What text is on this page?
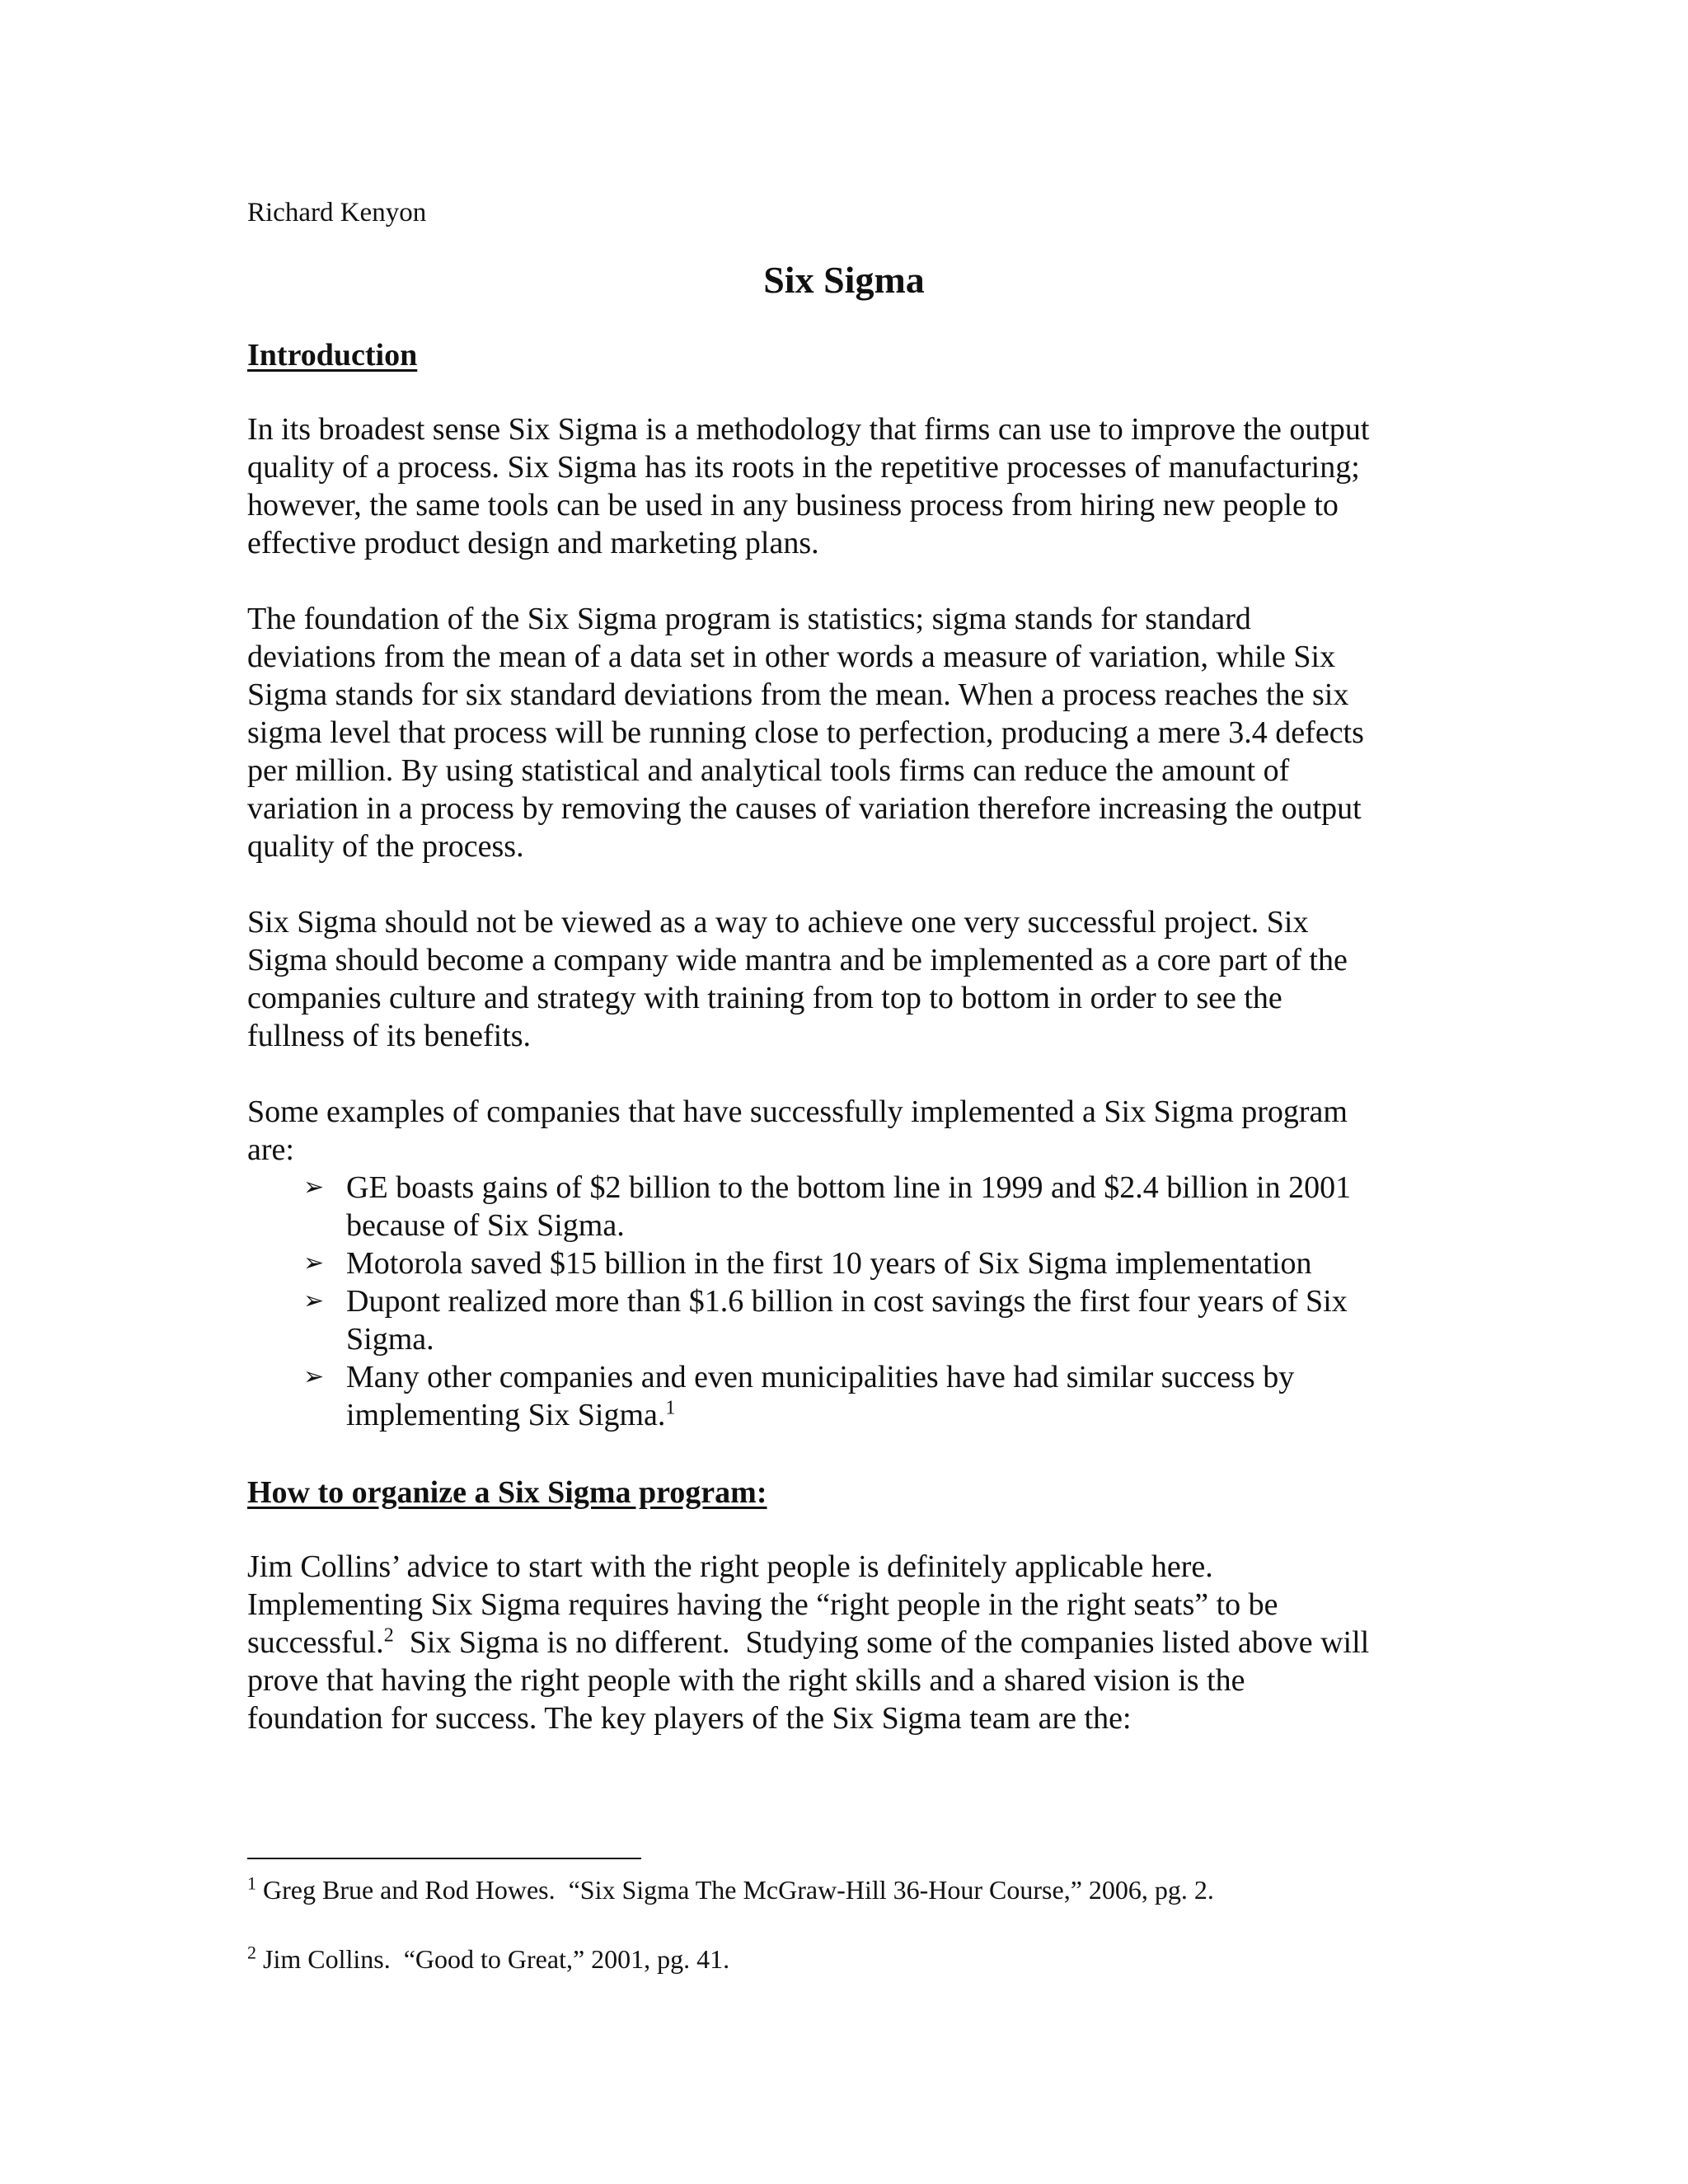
Richard Kenyon
Six Sigma
Introduction
In its broadest sense Six Sigma is a methodology that firms can use to improve the output
quality of a process. Six Sigma has its roots in the repetitive processes of manufacturing;
however, the same tools can be used in any business process from hiring new people to
effective product design and marketing plans.
The foundation of the Six Sigma program is statistics; sigma stands for standard
deviations from the mean of a data set in other words a measure of variation, while Six
Sigma stands for six standard deviations from the mean. When a process reaches the six
sigma level that process will be running close to perfection, producing a mere 3.4 defects
per million. By using statistical and analytical tools firms can reduce the amount of
variation in a process by removing the causes of variation therefore increasing the output
quality of the process.
Six Sigma should not be viewed as a way to achieve one very successful project. Six
Sigma should become a company wide mantra and be implemented as a core part of the
companies culture and strategy with training from top to bottom in order to see the
fullness of its benefits.
Some examples of companies that have successfully implemented a Six Sigma program
are:
➢ GE boasts gains of $2 billion to the bottom line in 1999 and $2.4 billion in 2001
because of Six Sigma.
➢ Motorola saved $15 billion in the first 10 years of Six Sigma implementation
➢ Dupont realized more than $1.6 billion in cost savings the first four years of Six
Sigma.
➢ Many other companies and even municipalities have had similar success by
implementing Six Sigma.$^1$
How to organize a Six Sigma program:
Jim Collins’ advice to start with the right people is definitely applicable here.
Implementing Six Sigma requires having the “right people in the right seats” to be
successful.$^2$  Six Sigma is no different.  Studying some of the companies listed above will
prove that having the right people with the right skills and a shared vision is the
foundation for success. The key players of the Six Sigma team are the:
$^1$ Greg Brue and Rod Howes.  “Six Sigma The McGraw-Hill 36-Hour Course,” 2006, pg. 2.
$^2$ Jim Collins.  “Good to Great,” 2001, pg. 41.
